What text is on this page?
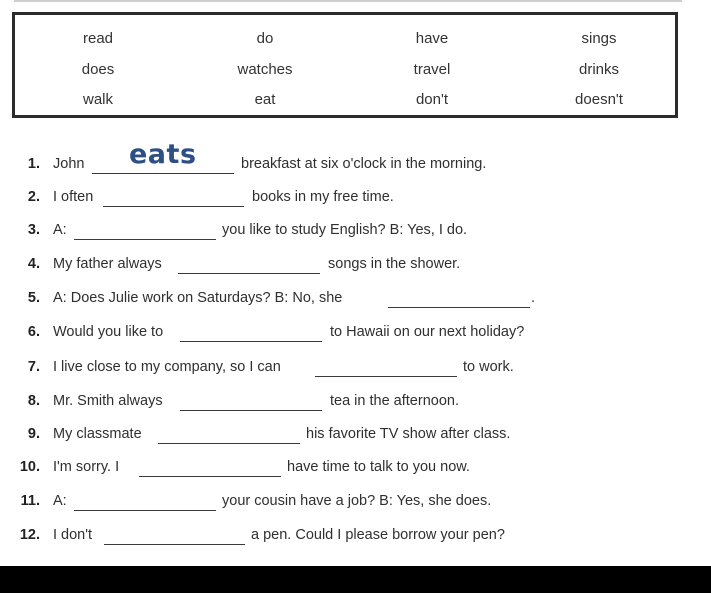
read	do	have	sings
does	watches	travel	drinks
walk	eat	don't	doesn't
1. John eats	breakfast at six o'clock in the morning.
2. I often	books in my free time.
3. A:	you like to study English? B: Yes, I do.
4. My father always	songs in the shower.
5. A: Does Julie work on Saturdays? B: No, she	.
6. Would you like to	to Hawaii on our next holiday?
7. I live close to my company, so I can	to work.
8. Mr. Smith always	tea in the afternoon.
9. My classmate	his favorite TV show after class.
10. I'm sorry. I	have time to talk to you now.
11. A:	your cousin have a job? B: Yes, she does.
12. I don't	a pen. Could I please borrow your pen?
